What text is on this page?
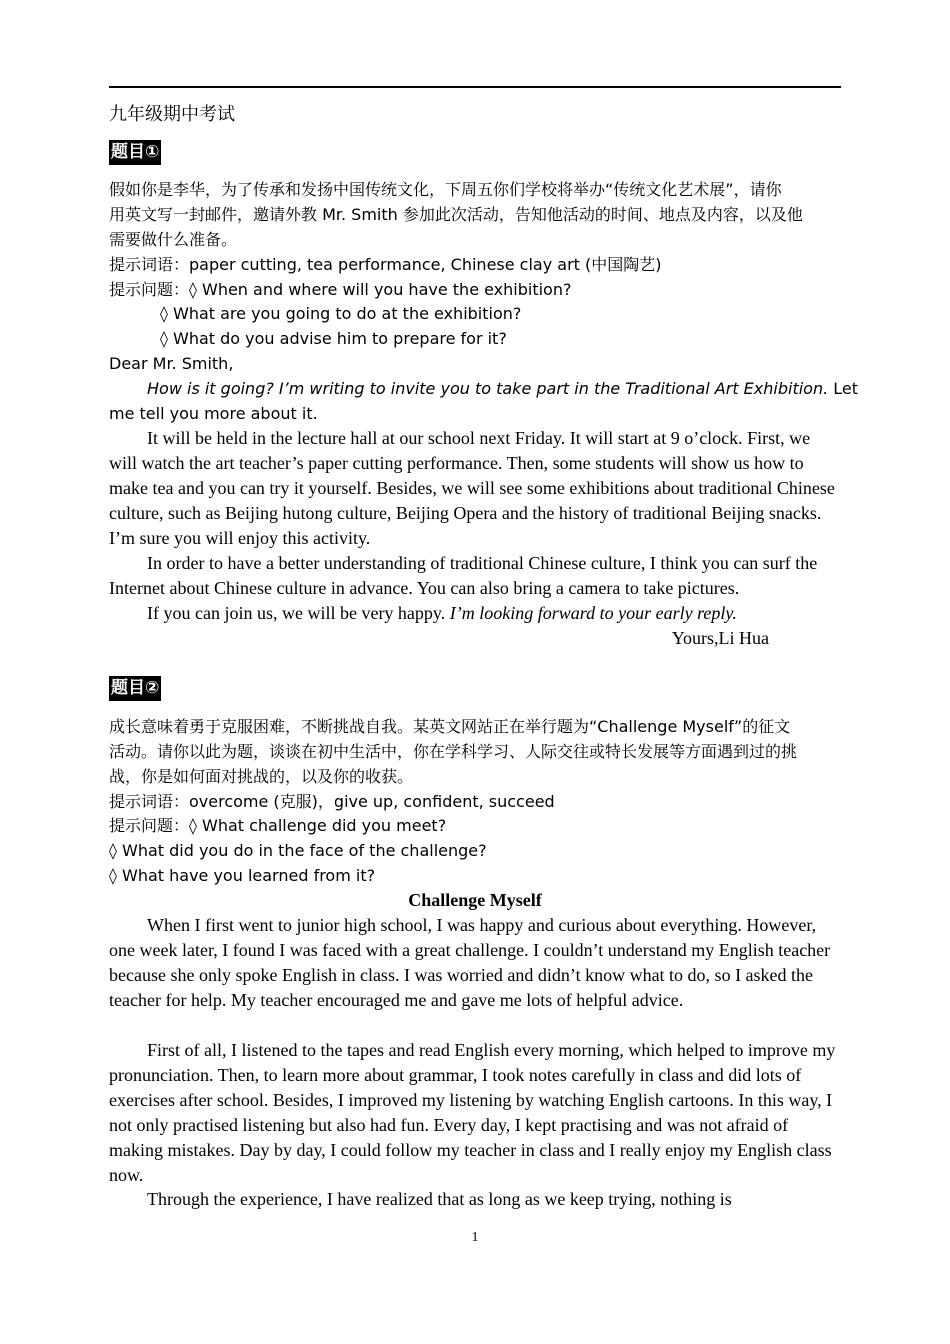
九年级期中考试
题目①
假如你是李华，为了传承和发扬中国传统文化，下周五你们学校将举办“传统文化艺术展”，请你
用英文写一封邮件，邀请外教 Mr. Smith 参加此次活动，告知他活动的时间、地点及内容，以及他
需要做什么准备。
提示词语：paper cutting, tea performance, Chinese clay art (中国陶艺)
提示问题：◊ When and where will you have the exhibition?
◊ What are you going to do at the exhibition?
◊ What do you advise him to prepare for it?
Dear Mr. Smith,
How is it going? I’m writing to invite you to take part in the Traditional Art Exhibition. Let
me tell you more about it.
It will be held in the lecture hall at our school next Friday. It will start at 9 o’clock. First, we will watch the art teacher’s paper cutting performance. Then, some students will show us how to make tea and you can try it yourself. Besides, we will see some exhibitions about traditional Chinese culture, such as Beijing hutong culture, Beijing Opera and the history of traditional Beijing snacks. I’m sure you will enjoy this activity.
In order to have a better understanding of traditional Chinese culture, I think you can surf the Internet about Chinese culture in advance. You can also bring a camera to take pictures.
If you can join us, we will be very happy. I’m looking forward to your early reply.
Yours,Li Hua
题目②
成长意味着勇于克服困难，不断挑战自我。某英文网站正在举行题为“Challenge Myself”的征文
活动。请你以此为题，谈谈在初中生活中，你在学科学习、人际交往或特长发展等方面遇到过的挑
战，你是如何面对挑战的，以及你的收获。
提示词语：overcome (克服)，give up, confident, succeed
提示问题：◊ What challenge did you meet?
◊ What did you do in the face of the challenge?
◊ What have you learned from it?
Challenge Myself
When I first went to junior high school, I was happy and curious about everything. However, one week later, I found I was faced with a great challenge. I couldn’t understand my English teacher because she only spoke English in class. I was worried and didn’t know what to do, so I asked the teacher for help. My teacher encouraged me and gave me lots of helpful advice.
First of all, I listened to the tapes and read English every morning, which helped to improve my pronunciation. Then, to learn more about grammar, I took notes carefully in class and did lots of exercises after school. Besides, I improved my listening by watching English cartoons. In this way, I not only practised listening but also had fun. Every day, I kept practising and was not afraid of making mistakes. Day by day, I could follow my teacher in class and I really enjoy my English class now.
Through the experience, I have realized that as long as we keep trying, nothing is
1
